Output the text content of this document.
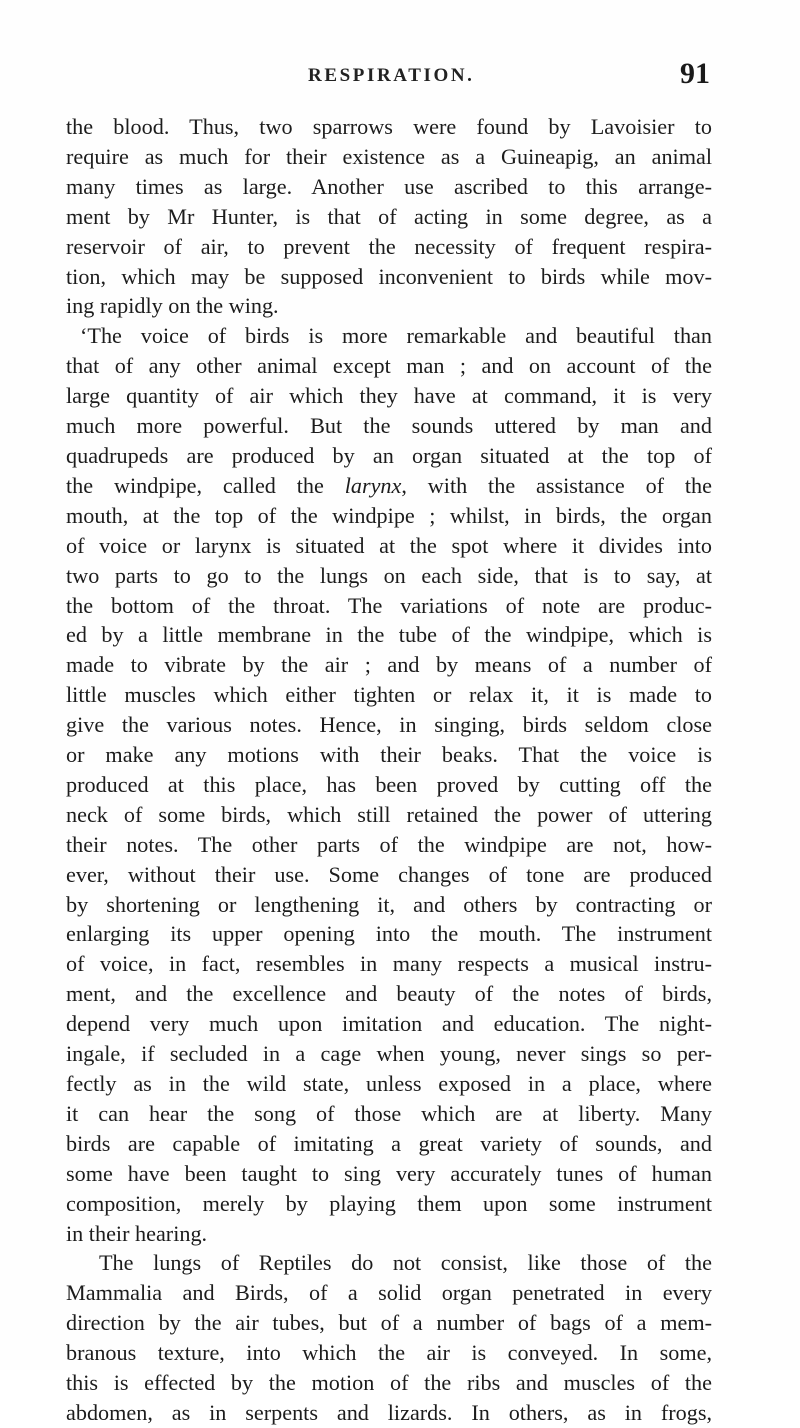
RESPIRATION.	91
the blood. Thus, two sparrows were found by Lavoisier to
require as much for their existence as a Guineapig, an animal
many times as large. Another use ascribed to this arrange-
ment by Mr Hunter, is that of acting in some degree, as a
reservoir of air, to prevent the necessity of frequent respira-
tion, which may be supposed inconvenient to birds while mov-
ing rapidly on the wing.
‘The voice of birds is more remarkable and beautiful than
that of any other animal except man ; and on account of the
large quantity of air which they have at command, it is very
much more powerful. But the sounds uttered by man and
quadrupeds are produced by an organ situated at the top of
the windpipe, called the larynx, with the assistance of the
mouth, at the top of the windpipe ; whilst, in birds, the organ
of voice or larynx is situated at the spot where it divides into
two parts to go to the lungs on each side, that is to say, at
the bottom of the throat. The variations of note are produc-
ed by a little membrane in the tube of the windpipe, which is
made to vibrate by the air ; and by means of a number of
little muscles which either tighten or relax it, it is made to
give the various notes. Hence, in singing, birds seldom close
or make any motions with their beaks. That the voice is
produced at this place, has been proved by cutting off the
neck of some birds, which still retained the power of uttering
their notes. The other parts of the windpipe are not, how-
ever, without their use. Some changes of tone are produced
by shortening or lengthening it, and others by contracting or
enlarging its upper opening into the mouth. The instrument
of voice, in fact, resembles in many respects a musical instru-
ment, and the excellence and beauty of the notes of birds,
depend very much upon imitation and education. The night-
ingale, if secluded in a cage when young, never sings so per-
fectly as in the wild state, unless exposed in a place, where
it can hear the song of those which are at liberty. Many
birds are capable of imitating a great variety of sounds, and
some have been taught to sing very accurately tunes of human
composition, merely by playing them upon some instrument
in their hearing.
The lungs of Reptiles do not consist, like those of the
Mammalia and Birds, of a solid organ penetrated in every
direction by the air tubes, but of a number of bags of a mem-
branous texture, into which the air is conveyed. In some,
this is effected by the motion of the ribs and muscles of the
abdomen, as in serpents and lizards. In others, as in frogs,
